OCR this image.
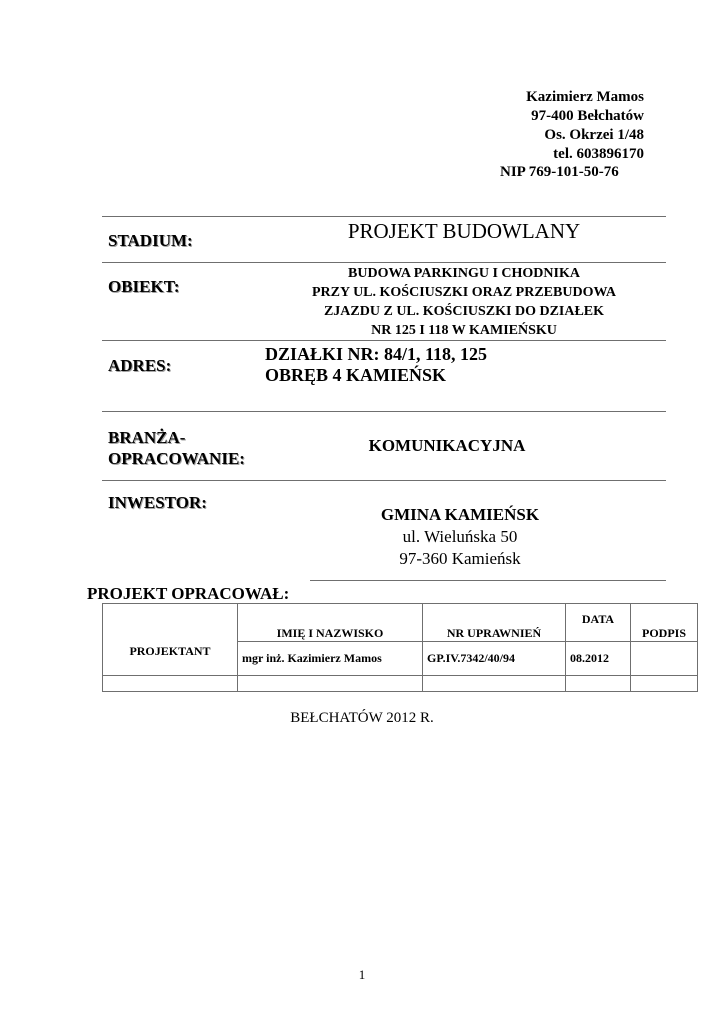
Kazimierz Mamos
97-400 Bełchatów
Os. Okrzei 1/48
tel. 603896170
NIP 769-101-50-76
STADIUM:	PROJEKT BUDOWLANY
OBIEKT:
BUDOWA PARKINGU I CHODNIKA
PRZY UL. KOŚCIUSZKI ORAZ PRZEBUDOWA
ZJAZDU Z UL. KOŚCIUSZKI DO DZIAŁEK
NR 125 I 118 W KAMIEŃSKU
ADRES:
DZIAŁKI NR: 84/1, 118, 125
OBRĘB 4 KAMIEŃSK
BRANŻA-
OPRACOWANIE:
KOMUNIKACYJNA
INWESTOR:
GMINA KAMIEŃSK
ul. Wieluńska 50
97-360 Kamieńsk
PROJEKT OPRACOWAŁ:
PROJEKTANT	IMIĘ I NAZWISKO	NR UPRAWNIEŃ	DATA	PODPIS
	mgr inż. Kazimierz Mamos	GP.IV.7342/40/94	08.2012	

BEŁCHATÓW 2012 R.
1
